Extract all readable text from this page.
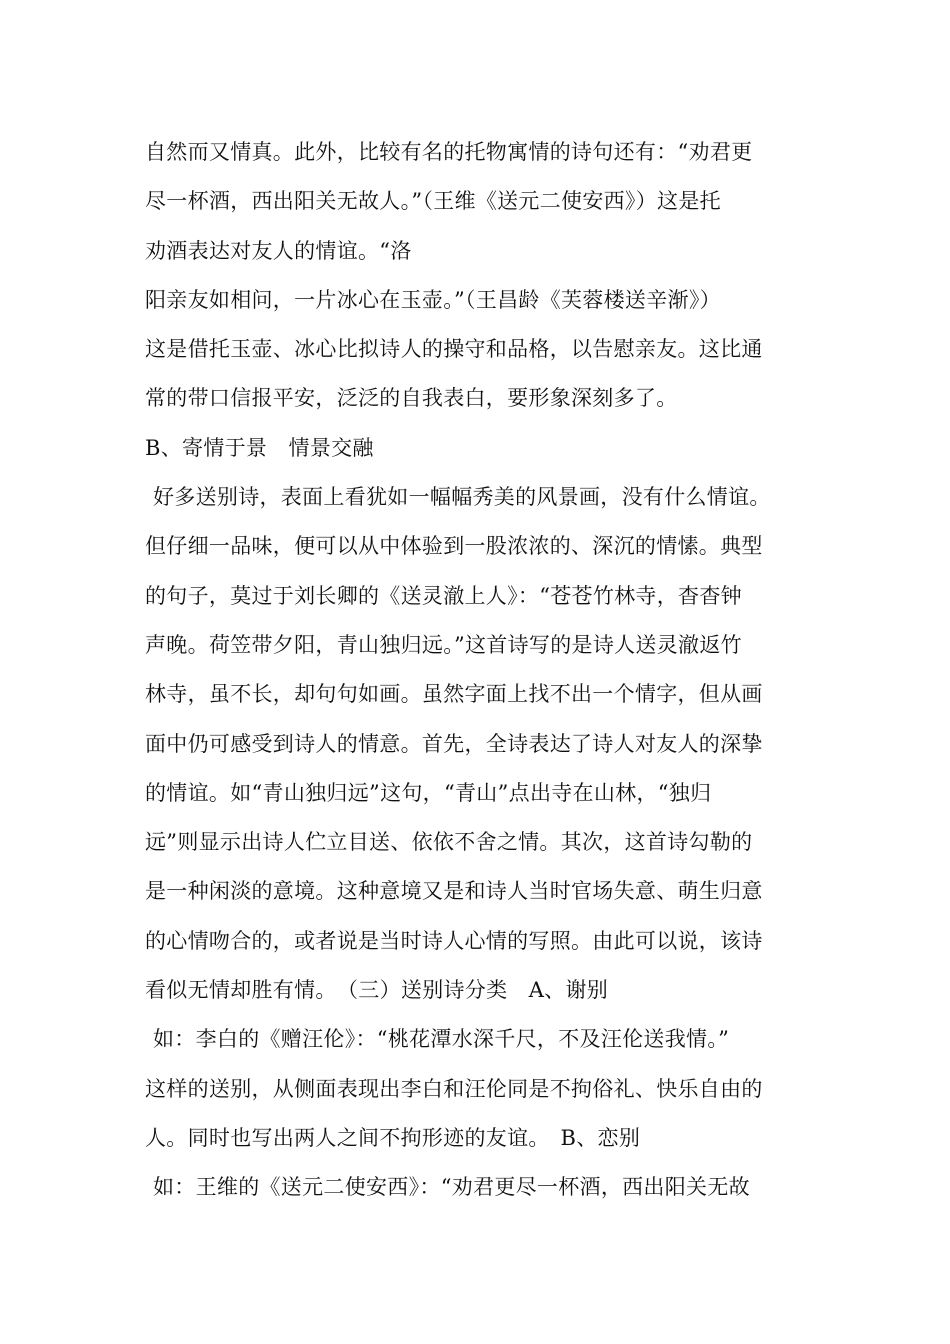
自然而又情真。此外，比较有名的托物寓情的诗句还有：“劝君更
尽一杯酒，西出阳关无故人。”（王维《送元二使安西》）这是托
劝酒表达对友人的情谊。“洛
阳亲友如相问，一片冰心在玉壶。”（王昌龄《芙蓉楼送辛渐》）
这是借托玉壶、冰心比拟诗人的操守和品格，以告慰亲友。这比通
常的带口信报平安，泛泛的自我表白，要形象深刻多了。
B、寄情于景　情景交融
好多送别诗，表面上看犹如一幅幅秀美的风景画，没有什么情谊。
但仔细一品味，便可以从中体验到一股浓浓的、深沉的情愫。典型
的句子，莫过于刘长卿的《送灵澈上人》：“苍苍竹林寺，杳杳钟
声晚。荷笠带夕阳，青山独归远。”这首诗写的是诗人送灵澈返竹
林寺，虽不长，却句句如画。虽然字面上找不出一个情字，但从画
面中仍可感受到诗人的情意。首先，全诗表达了诗人对友人的深挚
的情谊。如“青山独归远”这句，“青山”点出寺在山林，“独归
远”则显示出诗人伫立目送、依依不舍之情。其次，这首诗勾勒的
是一种闲淡的意境。这种意境又是和诗人当时官场失意、萌生归意
的心情吻合的，或者说是当时诗人心情的写照。由此可以说，该诗
看似无情却胜有情。　（三）送别诗分类　A、谢别
如：李白的《赠汪伦》：“桃花潭水深千尺，不及汪伦送我情。”
这样的送别，从侧面表现出李白和汪伦同是不拘俗礼、快乐自由的
人。同时也写出两人之间不拘形迹的友谊。　B、恋别
如：王维的《送元二使安西》：“劝君更尽一杯酒，西出阳关无故
